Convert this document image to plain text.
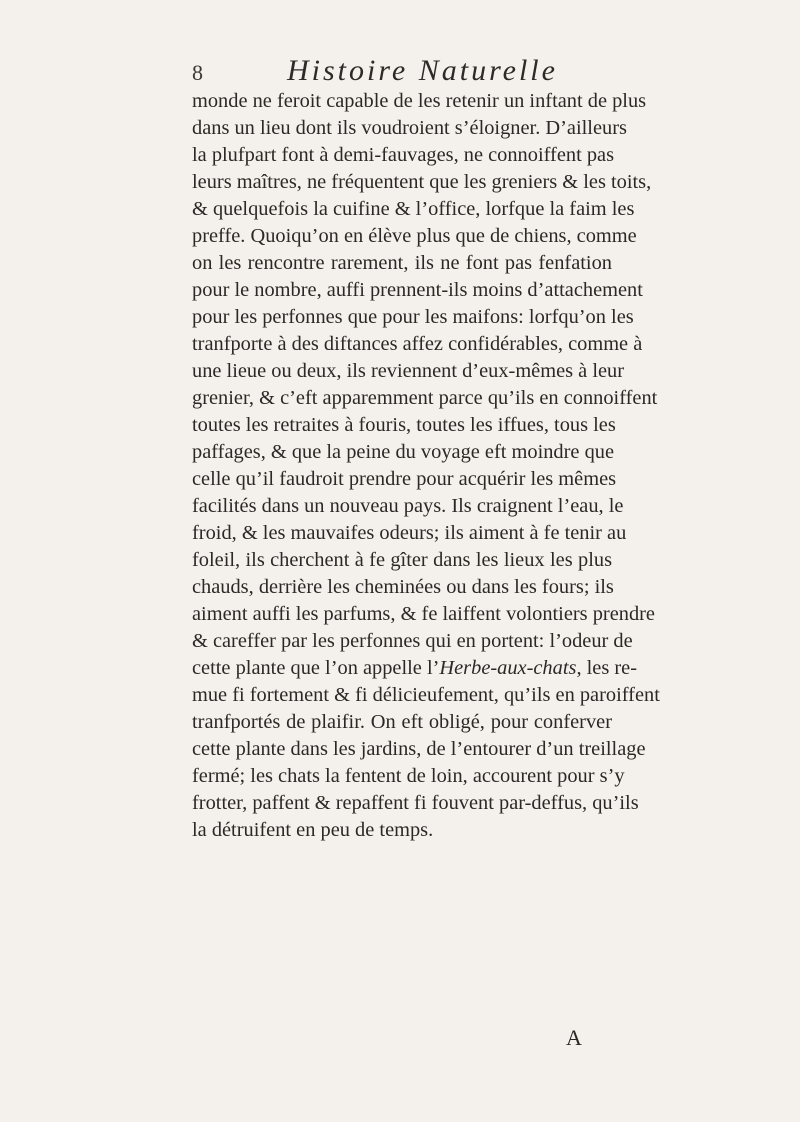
8	Histoire Naturelle
monde ne feroit capable de les retenir un inftant de plus
dans un lieu dont ils voudroient s’éloigner. D’ailleurs
la plufpart font à demi-fauvages, ne connoiffent pas
leurs maîtres, ne fréquentent que les greniers & les toits,
& quelquefois la cuifine & l’office, lorfque la faim les
preffe. Quoiqu’on en élève plus que de chiens, comme
on les rencontre rarement, ils ne font pas fenfation
pour le nombre, auffi prennent-ils moins d’attachement
pour les perfonnes que pour les maifons: lorfqu’on les
tranfporte à des diftances affez confidérables, comme à
une lieue ou deux, ils reviennent d’eux-mêmes à leur
grenier, & c’eft apparemment parce qu’ils en connoiffent
toutes les retraites à fouris, toutes les iffues, tous les
paffages, & que la peine du voyage eft moindre que
celle qu’il faudroit prendre pour acquérir les mêmes
facilités dans un nouveau pays. Ils craignent l’eau, le
froid, & les mauvaifes odeurs; ils aiment à fe tenir au
foleil, ils cherchent à fe gîter dans les lieux les plus
chauds, derrière les cheminées ou dans les fours; ils
aiment auffi les parfums, & fe laiffent volontiers prendre
& careffer par les perfonnes qui en portent: l’odeur de
cette plante que l’on appelle l’Herbe-aux-chats, les re-
mue fi fortement & fi délicieufement, qu’ils en paroiffent
tranfportés de plaifir. On eft obligé, pour conferver
cette plante dans les jardins, de l’entourer d’un treillage
fermé; les chats la fentent de loin, accourent pour s’y
frotter, paffent & repaffent fi fouvent par-deffus, qu’ils
la détruifent en peu de temps.
A
